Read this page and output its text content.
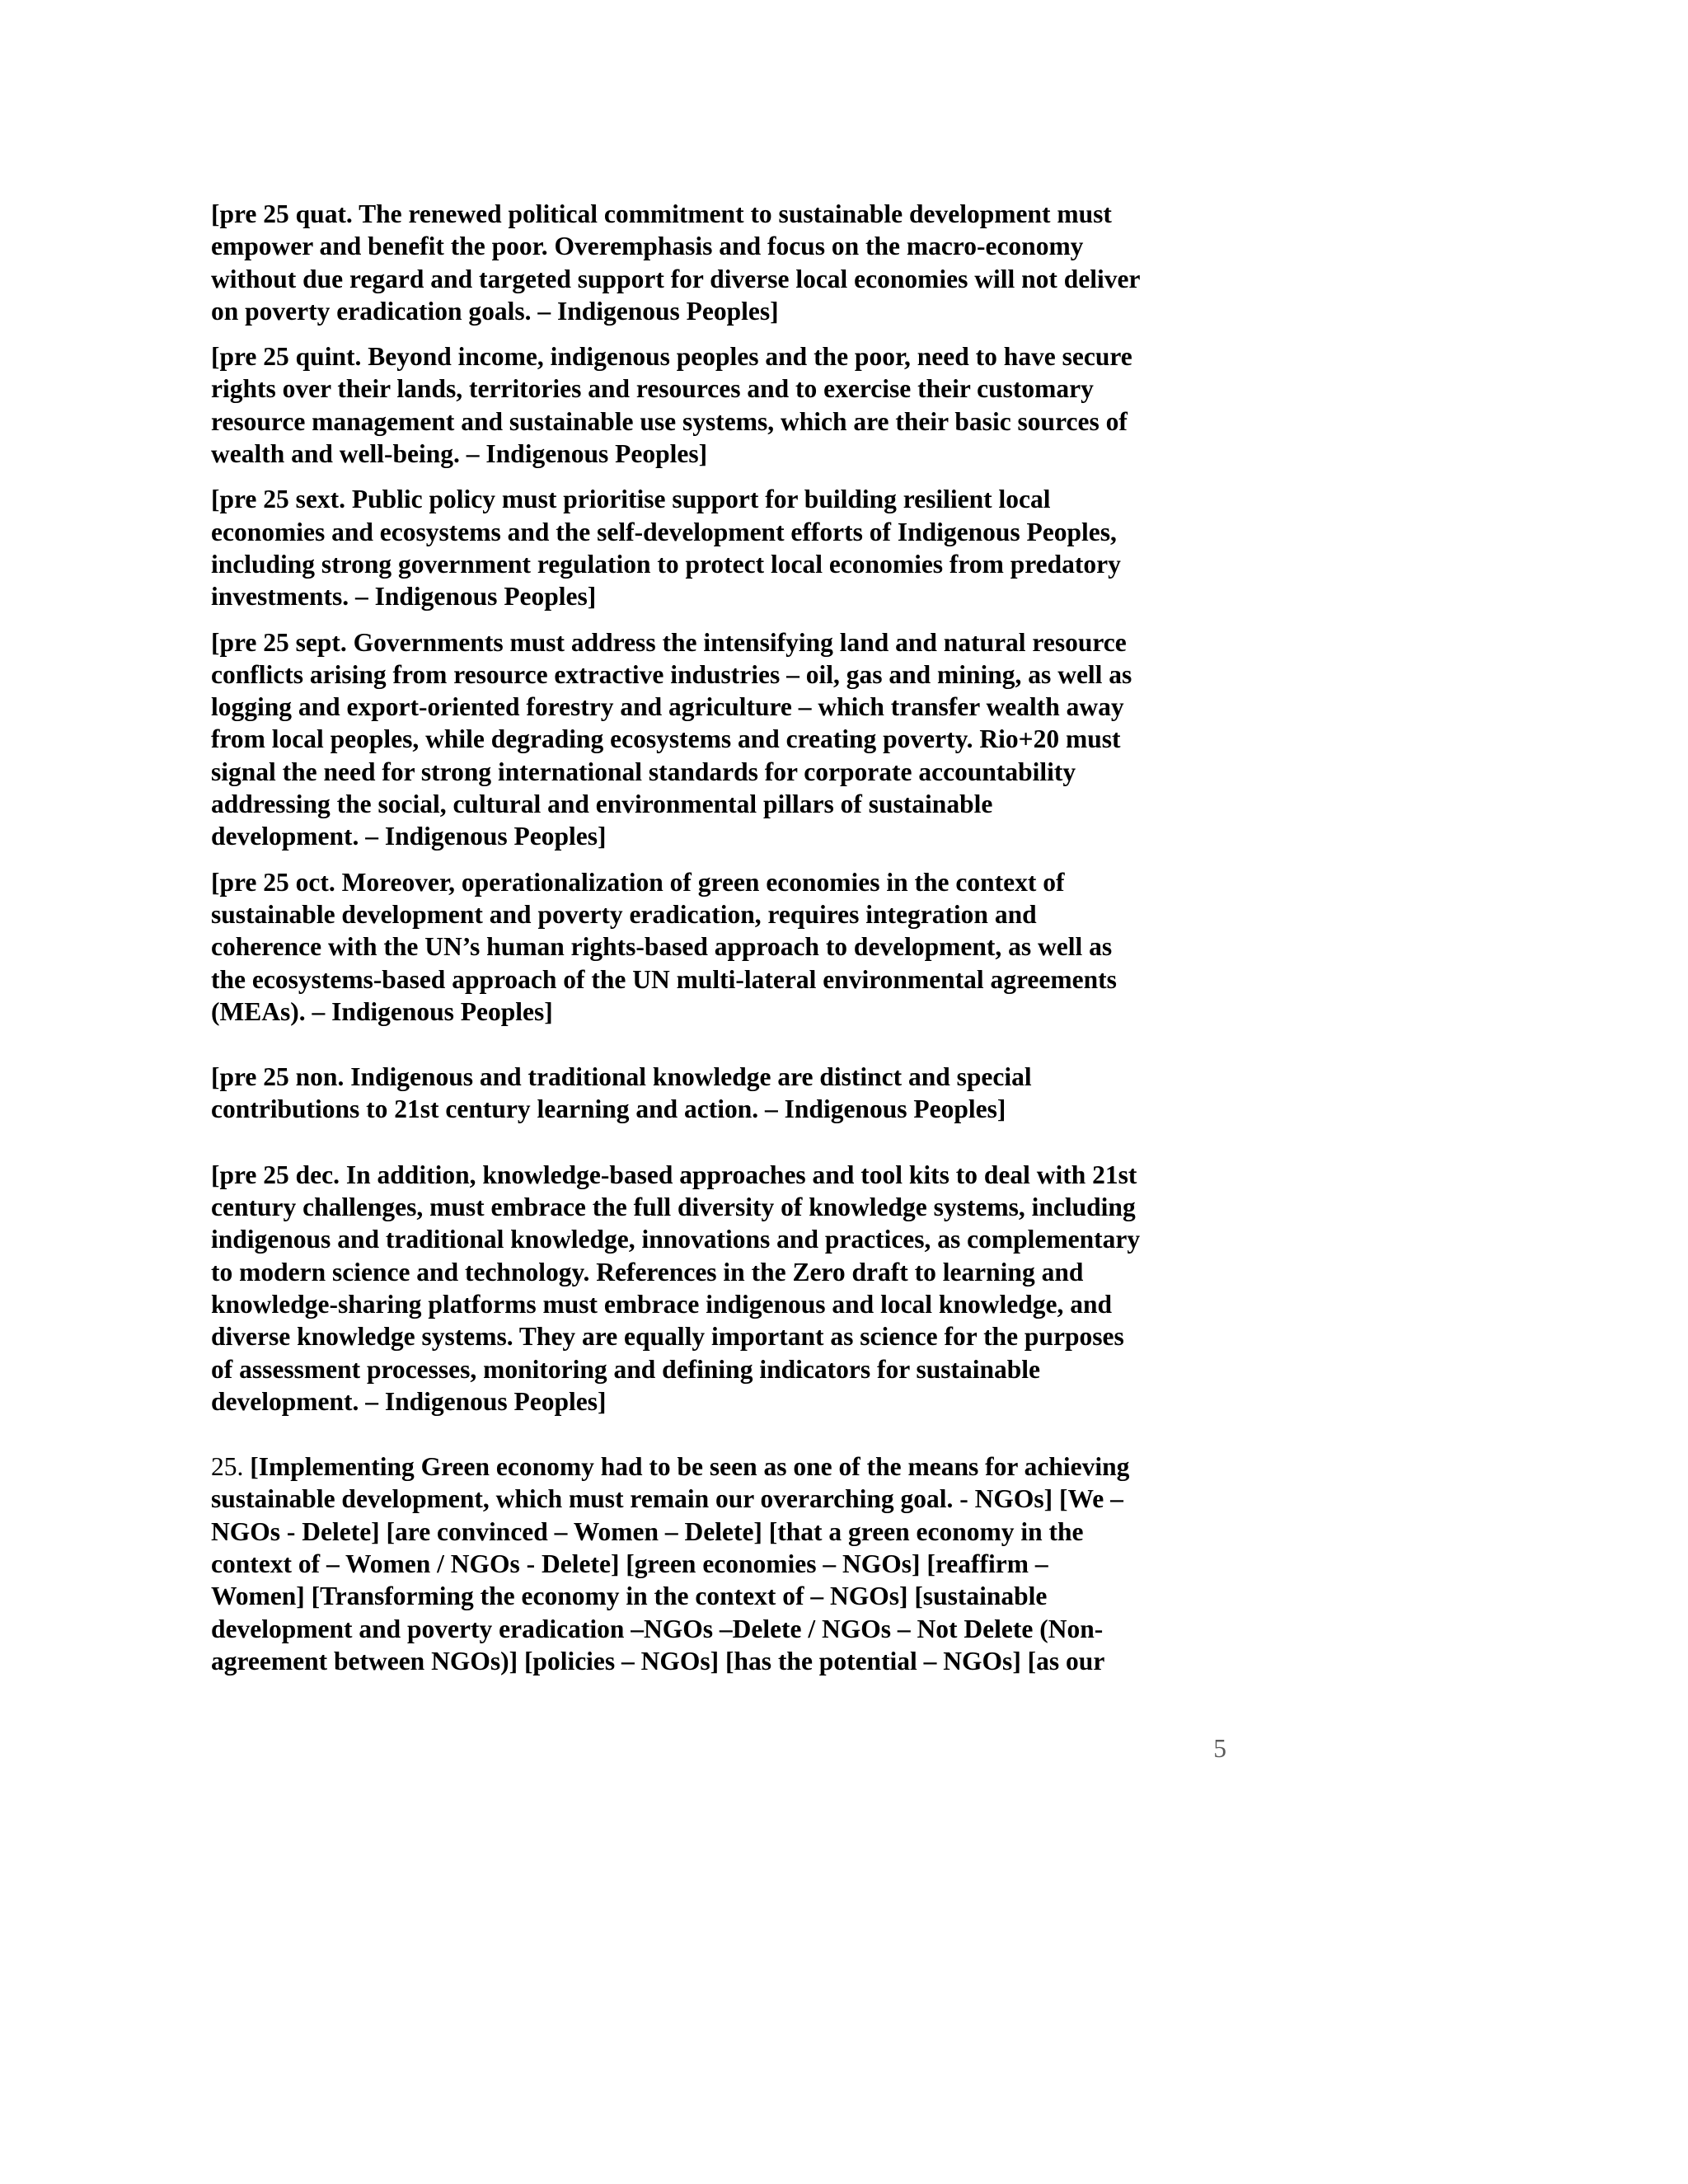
[pre 25 quat. The renewed political commitment to sustainable development must
empower and benefit the poor. Overemphasis and focus on the macro-economy
without due regard and targeted support for diverse local economies will not deliver
on poverty eradication goals. – Indigenous Peoples]

[pre 25 quint. Beyond income, indigenous peoples and the poor, need to have secure
rights over their lands, territories and resources and to exercise their customary
resource management and sustainable use systems, which are their basic sources of
wealth and well-being. – Indigenous Peoples]

[pre 25 sext. Public policy must prioritise support for building resilient local
economies and ecosystems and the self-development efforts of Indigenous Peoples,
including strong government regulation to protect local economies from predatory
investments. – Indigenous Peoples]

[pre 25 sept. Governments must address the intensifying land and natural resource
conflicts arising from resource extractive industries – oil, gas and mining, as well as
logging and export-oriented forestry and agriculture – which transfer wealth away
from local peoples, while degrading ecosystems and creating poverty. Rio+20 must
signal the need for strong international standards for corporate accountability
addressing the social, cultural and environmental pillars of sustainable
development. – Indigenous Peoples]

[pre 25 oct. Moreover, operationalization of green economies in the context of
sustainable development and poverty eradication, requires integration and
coherence with the UN’s human rights-based approach to development, as well as
the ecosystems-based approach of the UN multi-lateral environmental agreements
(MEAs). – Indigenous Peoples]

[pre 25 non. Indigenous and traditional knowledge are distinct and special
contributions to 21st century learning and action. – Indigenous Peoples]

[pre 25 dec. In addition, knowledge-based approaches and tool kits to deal with 21st
century challenges, must embrace the full diversity of knowledge systems, including
indigenous and traditional knowledge, innovations and practices, as complementary
to modern science and technology. References in the Zero draft to learning and
knowledge-sharing platforms must embrace indigenous and local knowledge, and
diverse knowledge systems. They are equally important as science for the purposes
of assessment processes, monitoring and defining indicators for sustainable
development. – Indigenous Peoples]

25. [Implementing Green economy had to be seen as one of the means for achieving
sustainable development, which must remain our overarching goal. - NGOs] [We –
NGOs - Delete] [are convinced – Women – Delete] [that a green economy in the
context of – Women / NGOs - Delete] [green economies – NGOs] [reaffirm –
Women] [Transforming the economy in the context of – NGOs] [sustainable
development and poverty eradication –NGOs –Delete / NGOs – Not Delete (Non-
agreement between NGOs)] [policies – NGOs] [has the potential – NGOs] [as our

5
